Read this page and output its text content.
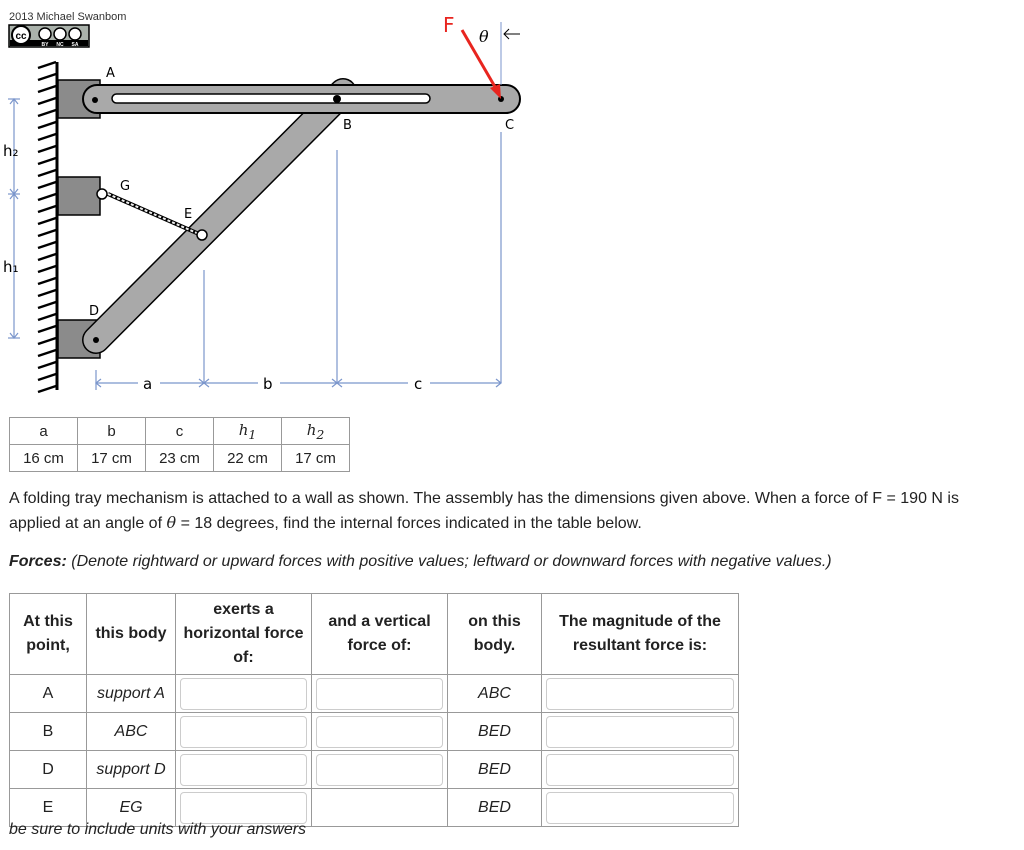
2013 Michael Swanbom
cc
BY NC SA
A
B	C
G
E
D
F θ
h₂
h₁
a	b	c
a	b	c	$h_1$	$h_2$
16 cm	17 cm	23 cm	22 cm	17 cm

A folding tray mechanism is attached to a wall as shown. The assembly has the dimensions given above. When a force of F = 190 N is applied at an angle of θ = 18 degrees, find the internal forces indicated in the table below.

Forces: (Denote rightward or upward forces with positive values; leftward or downward forces with negative values.)

At this point,	this body	exerts a horizontal force of:	and a vertical force of:	on this body.	The magnitude of the resultant force is:
A	support A			ABC	

B	ABC			BED	

D	support D			BED	

E	EG			BED	

be sure to include units with your answers
